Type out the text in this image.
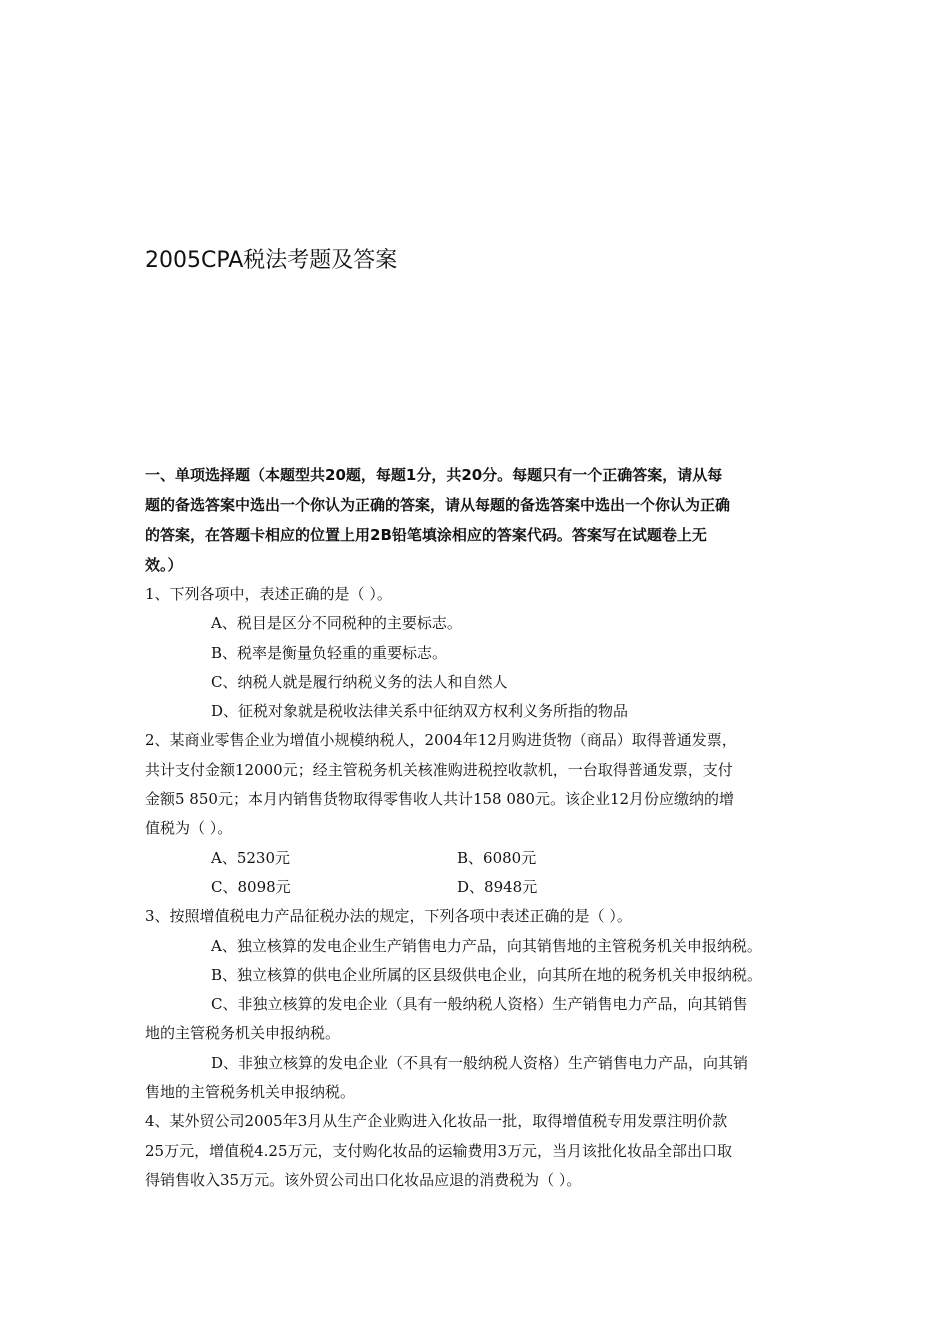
2005CPA税法考题及答案

一、单项选择题（本题型共20题，每题1分，共20分。每题只有一个正确答案，请从每

题的备选答案中选出一个你认为正确的答案，请从每题的备选答案中选出一个你认为正确

的答案，在答题卡相应的位置上用2B铅笔填涂相应的答案代码。答案写在试题卷上无

效。）

1、下列各项中，表述正确的是（ ）。

A、税目是区分不同税种的主要标志。

B、税率是衡量负轻重的重要标志。

C、纳税人就是履行纳税义务的法人和自然人

D、征税对象就是税收法律关系中征纳双方权利义务所指的物品

2、某商业零售企业为增值小规模纳税人，2004年12月购进货物（商品）取得普通发票，

共计支付金额12000元；经主管税务机关核准购进税控收款机，一台取得普通发票，支付

金额5 850元；本月内销售货物取得零售收人共计158 080元。该企业12月份应缴纳的增

值税为（ ）。

A、5230元	B、6080元
C、8098元	D、8948元

3、按照增值税电力产品征税办法的规定，下列各项中表述正确的是（ ）。

A、独立核算的发电企业生产销售电力产品，向其销售地的主管税务机关申报纳税。

B、独立核算的供电企业所属的区县级供电企业，向其所在地的税务机关申报纳税。

C、非独立核算的发电企业（具有一般纳税人资格）生产销售电力产品，向其销售

地的主管税务机关申报纳税。

D、非独立核算的发电企业（不具有一般纳税人资格）生产销售电力产品，向其销

售地的主管税务机关申报纳税。

4、某外贸公司2005年3月从生产企业购进入化妆品一批，取得增值税专用发票注明价款

25万元，增值税4.25万元，支付购化妆品的运输费用3万元，当月该批化妆品全部出口取

得销售收入35万元。该外贸公司出口化妆品应退的消费税为（ ）。
